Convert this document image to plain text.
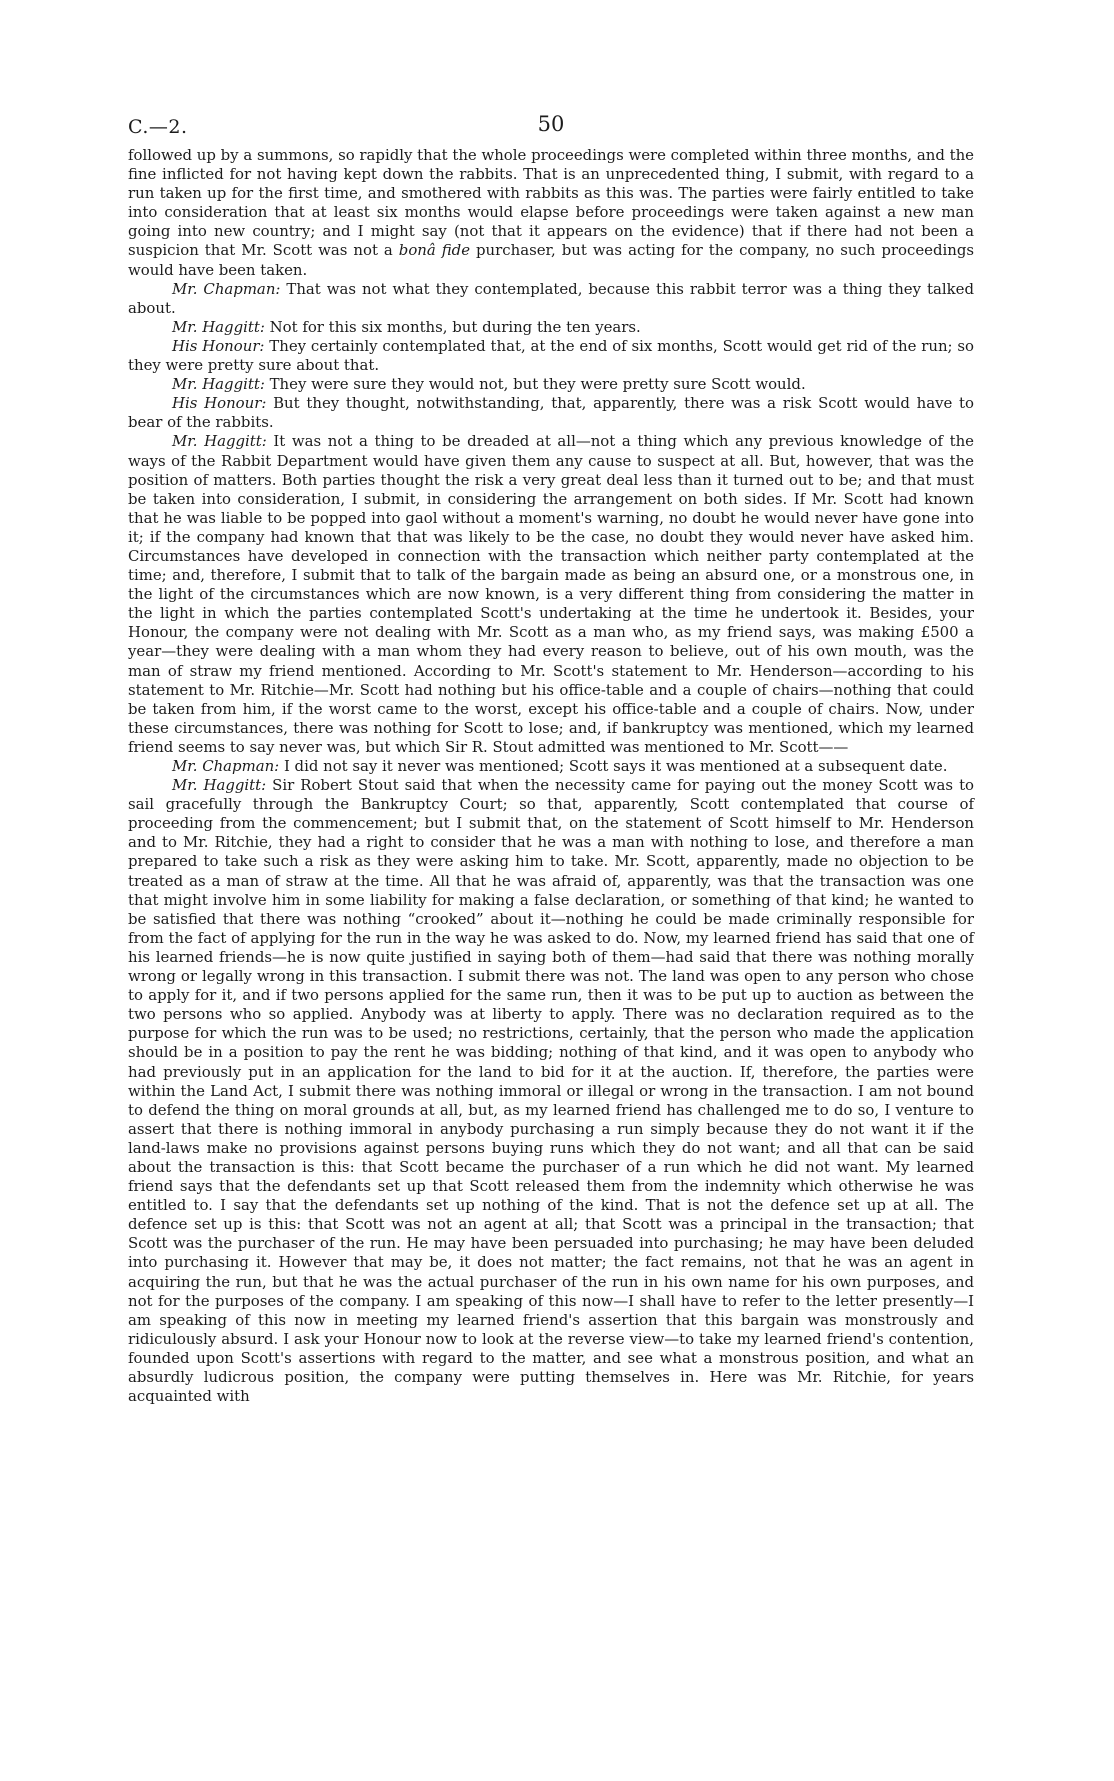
C.—2.	50

followed up by a summons, so rapidly that the whole proceedings were completed within three months, and the fine inflicted for not having kept down the rabbits. That is an unprecedented thing, I submit, with regard to a run taken up for the first time, and smothered with rabbits as this was. The parties were fairly entitled to take into consideration that at least six months would elapse before proceedings were taken against a new man going into new country; and I might say (not that it appears on the evidence) that if there had not been a suspicion that Mr. Scott was not a bonâ fide purchaser, but was acting for the company, no such proceedings would have been taken.

Mr. Chapman: That was not what they contemplated, because this rabbit terror was a thing they talked about.

Mr. Haggitt: Not for this six months, but during the ten years.

His Honour: They certainly contemplated that, at the end of six months, Scott would get rid of the run; so they were pretty sure about that.

Mr. Haggitt: They were sure they would not, but they were pretty sure Scott would.

His Honour: But they thought, notwithstanding, that, apparently, there was a risk Scott would have to bear of the rabbits.

Mr. Haggitt: It was not a thing to be dreaded at all—not a thing which any previous knowledge of the ways of the Rabbit Department would have given them any cause to suspect at all. But, however, that was the position of matters. Both parties thought the risk a very great deal less than it turned out to be; and that must be taken into consideration, I submit, in considering the arrangement on both sides. If Mr. Scott had known that he was liable to be popped into gaol without a moment's warning, no doubt he would never have gone into it; if the company had known that that was likely to be the case, no doubt they would never have asked him. Circumstances have developed in connection with the transaction which neither party contemplated at the time; and, therefore, I submit that to talk of the bargain made as being an absurd one, or a monstrous one, in the light of the circumstances which are now known, is a very different thing from considering the matter in the light in which the parties contemplated Scott's undertaking at the time he undertook it. Besides, your Honour, the company were not dealing with Mr. Scott as a man who, as my friend says, was making £500 a year—they were dealing with a man whom they had every reason to believe, out of his own mouth, was the man of straw my friend mentioned. According to Mr. Scott's statement to Mr. Henderson—according to his statement to Mr. Ritchie—Mr. Scott had nothing but his office-table and a couple of chairs—nothing that could be taken from him, if the worst came to the worst, except his office-table and a couple of chairs. Now, under these circumstances, there was nothing for Scott to lose; and, if bankruptcy was mentioned, which my learned friend seems to say never was, but which Sir R. Stout admitted was mentioned to Mr. Scott——

Mr. Chapman: I did not say it never was mentioned; Scott says it was mentioned at a subsequent date.

Mr. Haggitt: Sir Robert Stout said that when the necessity came for paying out the money Scott was to sail gracefully through the Bankruptcy Court; so that, apparently, Scott contemplated that course of proceeding from the commencement; but I submit that, on the statement of Scott himself to Mr. Henderson and to Mr. Ritchie, they had a right to consider that he was a man with nothing to lose, and therefore a man prepared to take such a risk as they were asking him to take. Mr. Scott, apparently, made no objection to be treated as a man of straw at the time. All that he was afraid of, apparently, was that the transaction was one that might involve him in some liability for making a false declaration, or something of that kind; he wanted to be satisfied that there was nothing “crooked” about it—nothing he could be made criminally responsible for from the fact of applying for the run in the way he was asked to do. Now, my learned friend has said that one of his learned friends—he is now quite justified in saying both of them—had said that there was nothing morally wrong or legally wrong in this transaction. I submit there was not. The land was open to any person who chose to apply for it, and if two persons applied for the same run, then it was to be put up to auction as between the two persons who so applied. Anybody was at liberty to apply. There was no declaration required as to the purpose for which the run was to be used; no restrictions, certainly, that the person who made the application should be in a position to pay the rent he was bidding; nothing of that kind, and it was open to anybody who had previously put in an application for the land to bid for it at the auction. If, therefore, the parties were within the Land Act, I submit there was nothing immoral or illegal or wrong in the transaction. I am not bound to defend the thing on moral grounds at all, but, as my learned friend has challenged me to do so, I venture to assert that there is nothing immoral in anybody purchasing a run simply because they do not want it if the land-laws make no provisions against persons buying runs which they do not want; and all that can be said about the transaction is this: that Scott became the purchaser of a run which he did not want. My learned friend says that the defendants set up that Scott released them from the indemnity which otherwise he was entitled to. I say that the defendants set up nothing of the kind. That is not the defence set up at all. The defence set up is this: that Scott was not an agent at all; that Scott was a principal in the transaction; that Scott was the purchaser of the run. He may have been persuaded into purchasing; he may have been deluded into purchasing it. However that may be, it does not matter; the fact remains, not that he was an agent in acquiring the run, but that he was the actual purchaser of the run in his own name for his own purposes, and not for the purposes of the company. I am speaking of this now—I shall have to refer to the letter presently—I am speaking of this now in meeting my learned friend's assertion that this bargain was monstrously and ridiculously absurd. I ask your Honour now to look at the reverse view—to take my learned friend's contention, founded upon Scott's assertions with regard to the matter, and see what a monstrous position, and what an absurdly ludicrous position, the company were putting themselves in. Here was Mr. Ritchie, for years acquainted with
